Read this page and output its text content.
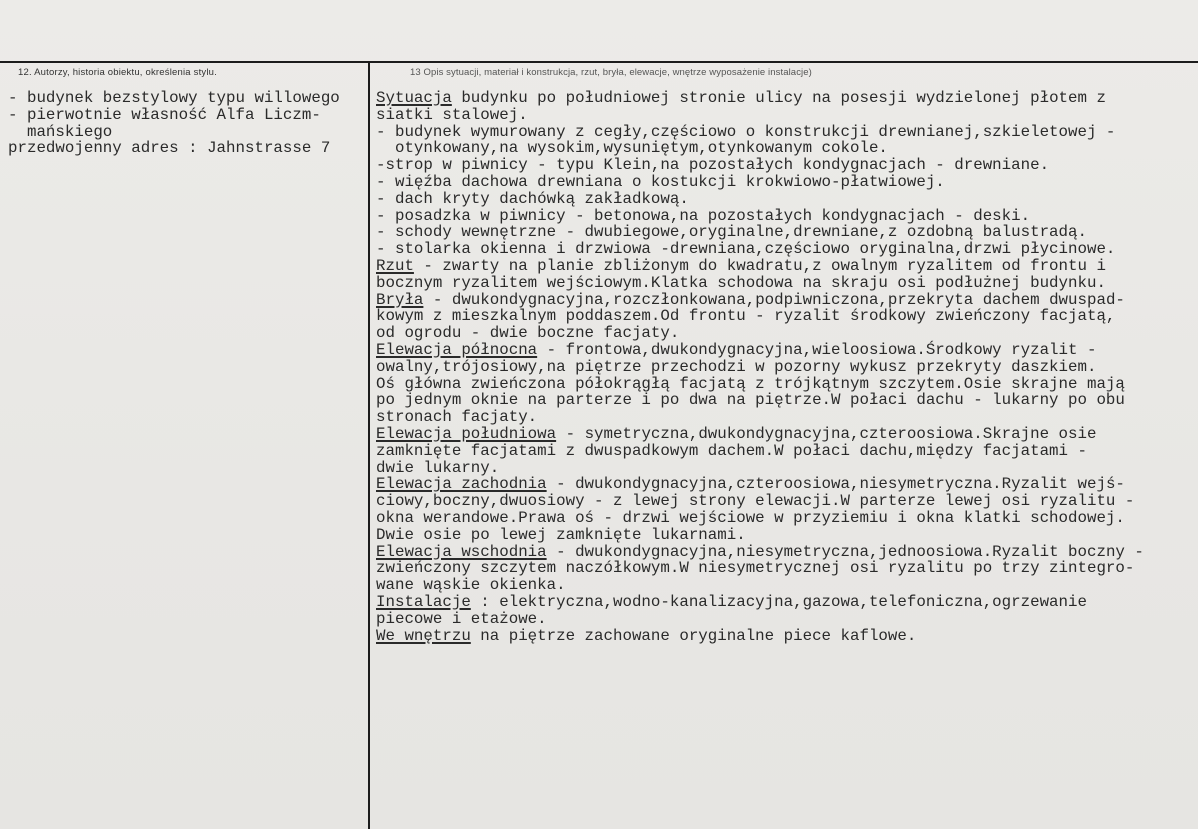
12. Autorzy, historia obiektu, określenia stylu.	13 Opis sytuacji, materiał i konstrukcja, rzut, bryła, elewacje, wnętrze wyposażenie instalacje)
- budynek bezstylowy typu willowego
- pierwotnie własność Alfa Liczm-
mańskiego
przedwojenny adres : Jahnstrasse 7
Sytuacja budynku po południowej stronie ulicy na posesji wydzielonej płotem z
siatki stalowej.
- budynek wymurowany z cegły,częściowo o konstrukcji drewnianej,szkieletowej -
otynkowany,na wysokim,wysuniętym,otynkowanym cokole.
-strop w piwnicy - typu Klein,na pozostałych kondygnacjach - drewniane.
- więźba dachowa drewniana o kostukcji krokwiowo-płatwiowej.
- dach kryty dachówką zakładkową.
- posadzka w piwnicy - betonowa,na pozostałych kondygnacjach - deski.
- schody wewnętrzne - dwubiegowe,oryginalne,drewniane,z ozdobną balustradą.
- stolarka okienna i drzwiowa -drewniana,częściowo oryginalna,drzwi płycinowe.
Rzut - zwarty na planie zbliżonym do kwadratu,z owalnym ryzalitem od frontu i
bocznym ryzalitem wejściowym.Klatka schodowa na skraju osi podłużnej budynku.
Bryła - dwukondygnacyjna,rozczłonkowana,podpiwniczona,przekryta dachem dwuspad-
kowym z mieszkalnym poddaszem.Od frontu - ryzalit środkowy zwieńczony facjatą,
od ogrodu - dwie boczne facjaty.
Elewacja północna - frontowa,dwukondygnacyjna,wieloosiowa.Środkowy ryzalit -
owalny,trójosiowy,na piętrze przechodzi w pozorny wykusz przekryty daszkiem.
Oś główna zwieńczona półokrągłą facjatą z trójkątnym szczytem.Osie skrajne mają
po jednym oknie na parterze i po dwa na piętrze.W połaci dachu - lukarny po obu
stronach facjaty.
Elewacja południowa - symetryczna,dwukondygnacyjna,czteroosiowa.Skrajne osie
zamknięte facjatami z dwuspadkowym dachem.W połaci dachu,między facjatami -
dwie lukarny.
Elewacja zachodnia - dwukondygnacyjna,czteroosiowa,niesymetryczna.Ryzalit wejś-
ciowy,boczny,dwuosiowy - z lewej strony elewacji.W parterze lewej osi ryzalitu -
okna werandowe.Prawa oś - drzwi wejściowe w przyziemiu i okna klatki schodowej.
Dwie osie po lewej zamknięte lukarnami.
Elewacja wschodnia - dwukondygnacyjna,niesymetryczna,jednoosiowa.Ryzalit boczny -
zwieńczony szczytem naczółkowym.W niesymetrycznej osi ryzalitu po trzy zintegro-
wane wąskie okienka.
Instalacje : elektryczna,wodno-kanalizacyjna,gazowa,telefoniczna,ogrzewanie
piecowe i etażowe.
We wnętrzu na piętrze zachowane oryginalne piece kaflowe.
